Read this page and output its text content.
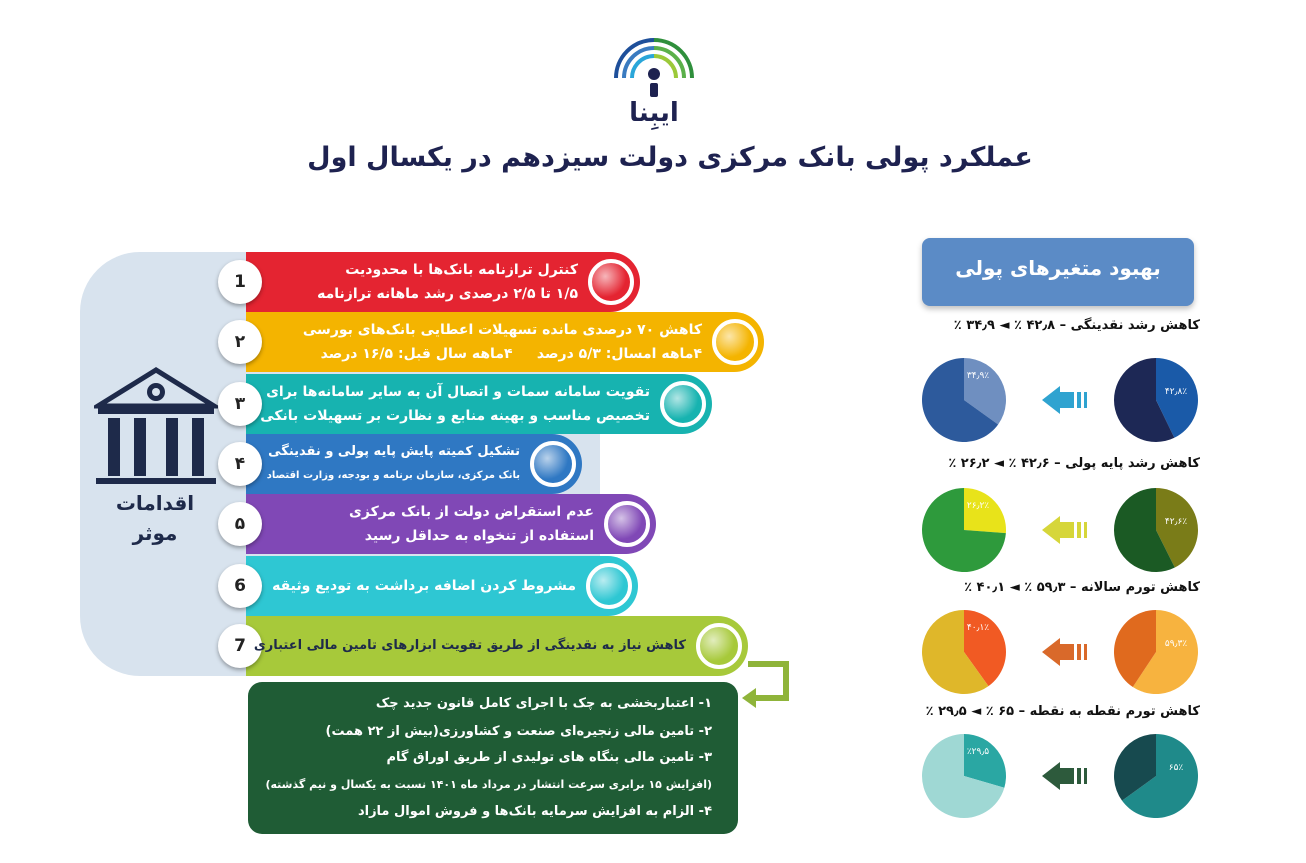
ایبِنا
عملکرد پولی بانک مرکزی دولت سیزدهم در یکسال اول
اقدامات
موثر
1
کنترل ترازنامه بانک‌ها با محدودیت
۱/۵ تا ۲/۵ درصدی رشد ماهانه ترازنامه
۲
کاهش ۷۰ درصدی مانده تسهیلات اعطایی بانک‌های بورسی
۴ماهه امسال: ۵/۳ درصد     ۴ماهه سال قبل: ۱۶/۵ درصد
۳
تقویت سامانه سمات و اتصال آن به سایر سامانه‌ها برای
تخصیص مناسب و بهینه منابع و نظارت بر تسهیلات بانکی
۴
تشکیل کمیته پایش پایه پولی و نقدینگی
بانک مرکزی، سازمان برنامه و بودجه، وزارت اقتصاد
۵
عدم استقراض دولت از بانک مرکزی
استفاده از تنخواه به حداقل رسید
6	مشروط کردن اضافه برداشت به تودیع وثیقه
7 کاهش نیاز به نقدینگی از طریق تقویت ابزارهای تامین مالی اعتباری
۱- اعتباربخشی به چک با اجرای کامل قانون جدید چک
۲- تامین مالی زنجیره‌ای صنعت و کشاورزی(بیش از ۲۲ همت)
۳- تامین مالی بنگاه های تولیدی از طریق اوراق گام
(افزایش ۱۵ برابری سرعت انتشار در مرداد ماه ۱۴۰۱ نسبت به یکسال و نیم گذشته)
۴- الزام به افزایش سرمایه بانک‌ها و فروش اموال مازاد
بهبود متغیرهای پولی
کاهش رشد نقدینگی – ۴۲٫۸ ٪ ◄ ۳۴٫۹ ٪
کاهش رشد پایه پولی – ۴۲٫۶ ٪ ◄ ۲۶٫۲ ٪
کاهش تورم سالانه – ۵۹٫۳ ٪ ◄ ۴۰٫۱ ٪
کاهش تورم نقطه به نقطه – ۶۵ ٪ ◄ ۲۹٫۵ ٪
۴۲٫۸٪
۳۴٫۹٪
۴۲٫۶٪
۲۶٫۲٪
۵۹٫۳٪
۴۰٫۱٪
۶۵٪
٪۲۹٫۵
